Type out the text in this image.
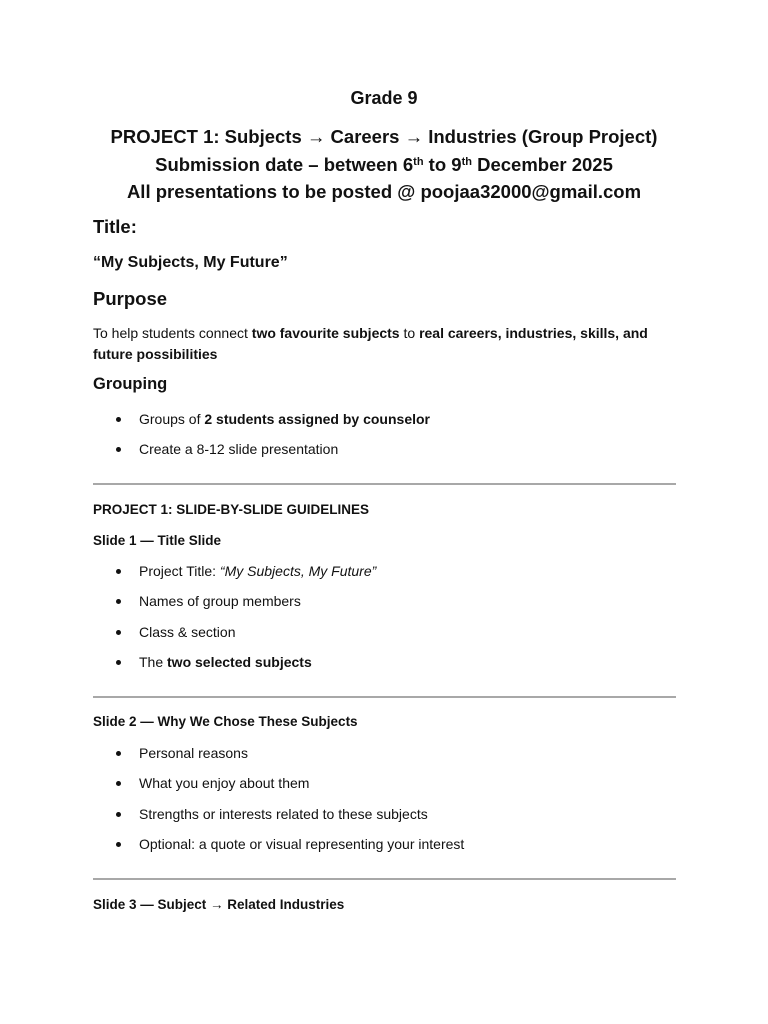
Grade 9
PROJECT 1: Subjects → Careers → Industries (Group Project)
Submission date – between 6th to 9th December 2025
All presentations to be posted @ poojaa32000@gmail.com
Title:
“My Subjects, My Future”
Purpose
To help students connect two favourite subjects to real careers, industries, skills, and future possibilities
Grouping
Groups of 2 students assigned by counselor
Create a 8-12 slide presentation
PROJECT 1: SLIDE-BY-SLIDE GUIDELINES
Slide 1 — Title Slide
Project Title: “My Subjects, My Future”
Names of group members
Class & section
The two selected subjects
Slide 2 — Why We Chose These Subjects
Personal reasons
What you enjoy about them
Strengths or interests related to these subjects
Optional: a quote or visual representing your interest
Slide 3 — Subject → Related Industries
